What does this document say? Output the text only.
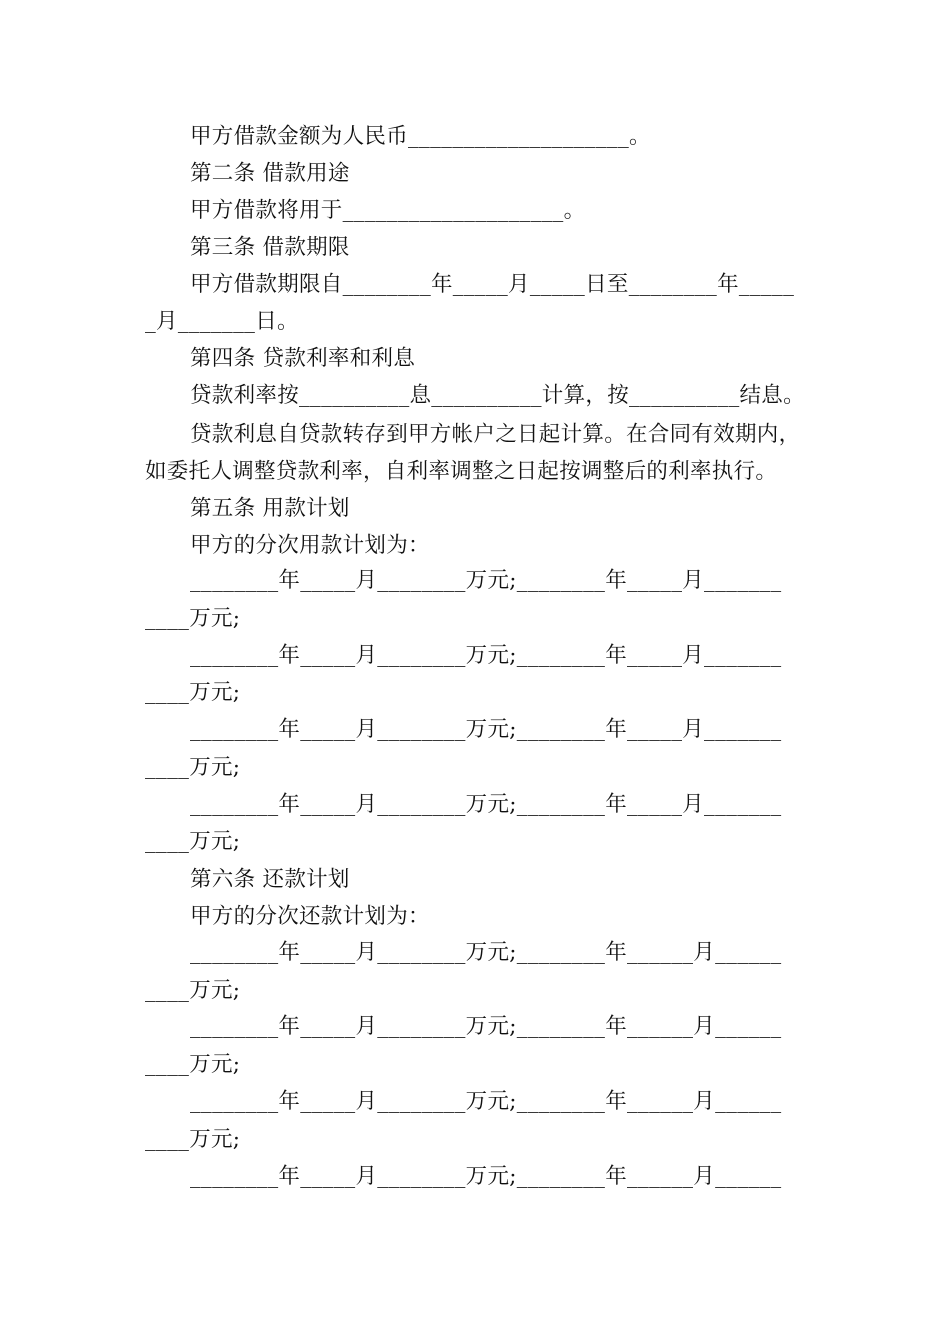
甲方借款金额为人民币____________________。
第二条 借款用途
甲方借款将用于____________________。
第三条 借款期限
甲方借款期限自________年_____月_____日至________年_____
_月_______日。
第四条 贷款利率和利息
贷款利率按__________息__________计算，按__________结息。
贷款利息自贷款转存到甲方帐户之日起计算。在合同有效期内，
如委托人调整贷款利率，自利率调整之日起按调整后的利率执行。
第五条 用款计划
甲方的分次用款计划为：
________年_____月________万元;________年_____月_______
____万元;
________年_____月________万元;________年_____月_______
____万元;
________年_____月________万元;________年_____月_______
____万元;
________年_____月________万元;________年_____月_______
____万元;
第六条 还款计划
甲方的分次还款计划为：
________年_____月________万元;________年______月______
____万元;
________年_____月________万元;________年______月______
____万元;
________年_____月________万元;________年______月______
____万元;
________年_____月________万元;________年______月______
